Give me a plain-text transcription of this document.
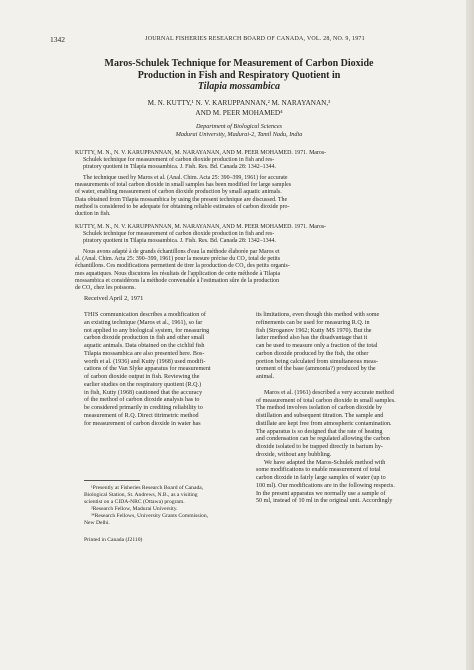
1342	JOURNAL FISHERIES RESEARCH BOARD OF CANADA, VOL. 28, NO. 9, 1971
Maros-Schulek Technique for Measurement of Carbon Dioxide
Production in Fish and Respiratory Quotient in
Tilapia mossambica
M. N. KUTTY,¹ N. V. KARUPPANNAN,² M. NARAYANAN,³
AND M. PEER MOHAMED⁴
Department of Biological Sciences
Madurai University, Madurai-2, Tamil Nadu, India
KUTTY, M. N., N. V. KARUPPANNAN, M. NARAYANAN, AND M. PEER MOHAMED. 1971. Maros-
Schulek technique for measurement of carbon dioxide production in fish and res-
piratory quotient in Tilapia mossambica. J. Fish. Res. Bd. Canada 28: 1342–1344.
The technique used by Maros et al. (Anal. Chim. Acta 25: 390–399, 1961) for accurate
measurements of total carbon dioxide in small samples has been modified for large samples
of water, enabling measurement of carbon dioxide production by small aquatic animals.
Data obtained from Tilapia mossambica by using the present technique are discussed. The
method is considered to be adequate for obtaining reliable estimates of carbon dioxide pro-
duction in fish.
KUTTY, M. N., N. V. KARUPPANNAN, M. NARAYANAN, AND M. PEER MOHAMED. 1971. Maros-
Schulek technique for measurement of carbon dioxide production in fish and res-
piratory quotient in Tilapia mossambica. J. Fish. Res. Bd. Canada 28: 1342–1344.
Nous avons adapté à de grands échantillons d'eau la méthode élaborée par Maros et
al. (Anal. Chim. Acta 25: 390–399, 1961) pour la mesure précise du CO₂ total de petits
échantillons. Ces modifications permettent de tirer la production de CO₂ des petits organis-
mes aquatiques. Nous discutons les résultats de l'application de cette méthode à Tilapia
mossambica et considérons la méthode convenable à l'estimation sûre de la production
de CO₂ chez les poissons.
Received April 2, 1971
THIS communication describes a modification of
an existing technique (Maros et al., 1961), so far
not applied to any biological system, for measuring
carbon dioxide production in fish and other small
aquatic animals. Data obtained on the cichlid fish
Tilapia mossambica are also presented here. Bos-
worth et al. (1936) and Kutty (1968) used modifi-
cations of the Van Slyke apparatus for measurement
of carbon dioxide output in fish. Reviewing the
earlier studies on the respiratory quotient (R.Q.)
in fish, Kutty (1968) cautioned that the accuracy
of the method of carbon dioxide analysis has to
be considered primarily in crediting reliability to
measurement of R.Q. Direct titrimetric method
for measurement of carbon dioxide in water has
its limitations, even though this method with some
refinements can be used for measuring R.Q. in
fish (Stroganov 1962; Kutty MS 1970). But the
latter method also has the disadvantage that it
can be used to measure only a fraction of the total
carbon dioxide produced by the fish, the other
portion being calculated from simultaneous meas-
urement of the base (ammonia?) produced by the
animal.
Maros et al. (1961) described a very accurate method
of measurement of total carbon dioxide in small samples.
The method involves isolation of carbon dioxide by
distillation and subsequent titration. The sample and
distillate are kept free from atmospheric contamination.
The apparatus is so designed that the rate of heating
and condensation can be regulated allowing the carbon
dioxide isolated to be trapped directly in barium hy-
droxide, without any bubbling.
We have adapted the Maros-Schulek method with
some modifications to enable measurement of total
carbon dioxide in fairly large samples of water (up to
100 ml). Our modifications are in the following respects.
In the present apparatus we normally use a sample of
50 ml, instead of 10 ml in the original unit. Accordingly
¹Presently at Fisheries Research Board of Canada,
Biological Station, St. Andrews, N.B., as a visiting
scientist on a CIDA-NRC (Ottawa) program.
²Research Fellow, Madurai University.
³⁴Research Fellows, University Grants Commission,
New Delhi.
Printed in Canada (J2110)
